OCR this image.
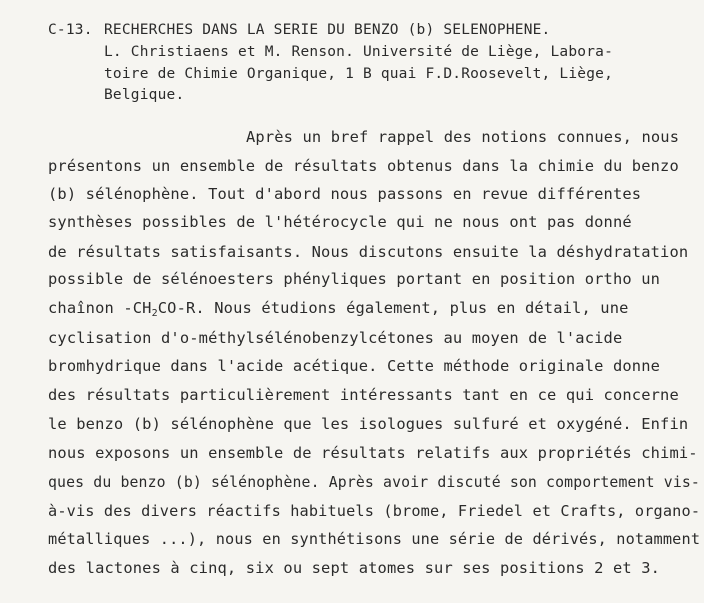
C-13. RECHERCHES DANS LA SERIE DU BENZO (b) SELENOPHENE.
L. Christiaens et M. Renson. Université de Liège, Labora-
toire de Chimie Organique, 1 B quai F.D.Roosevelt, Liège,
Belgique.
Après un bref rappel des notions connues, nous
présentons un ensemble de résultats obtenus dans la chimie du benzo
(b) sélénophène. Tout d'abord nous passons en revue différentes
synthèses possibles de l'hétérocycle qui ne nous ont pas donné
de résultats satisfaisants. Nous discutons ensuite la déshydratation
possible de sélénoesters phényliques portant en position ortho un
chaînon $-CH_2CO-R$. Nous étudions également, plus en détail, une
cyclisation d'o-méthylsélénobenzylcétones au moyen de l'acide
bromhydrique dans l'acide acétique. Cette méthode originale donne
des résultats particulièrement intéressants tant en ce qui concerne
le benzo (b) sélénophène que les isologues sulfuré et oxygéné. Enfin
nous exposons un ensemble de résultats relatifs aux propriétés chimi-
ques du benzo (b) sélénophène. Après avoir discuté son comportement vis-
à-vis des divers réactifs habituels (brome, Friedel et Crafts, organo-
métalliques ...), nous en synthétisons une série de dérivés, notamment
des lactones à cinq, six ou sept atomes sur ses positions 2 et 3.
